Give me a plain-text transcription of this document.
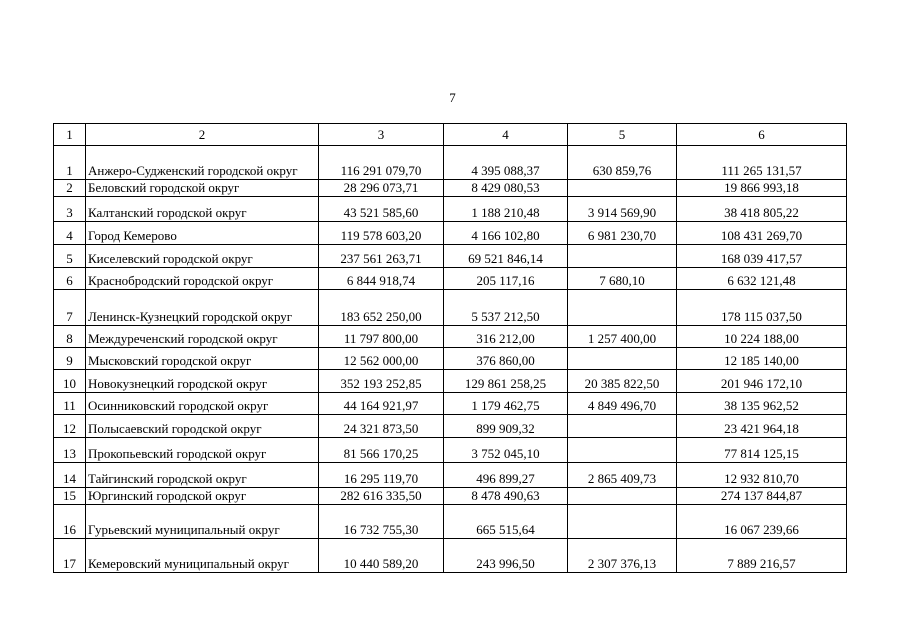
7
1	2	3	4	5	6
1	Анжеро-Судженский городской округ	116 291 079,70	4 395 088,37	630 859,76	111 265 131,57
2	Беловский городской округ	28 296 073,71	8 429 080,53		19 866 993,18
3	Калтанский городской округ	43 521 585,60	1 188 210,48	3 914 569,90	38 418 805,22
4	Город Кемерово	119 578 603,20	4 166 102,80	6 981 230,70	108 431 269,70
5	Киселевский городской округ	237 561 263,71	69 521 846,14		168 039 417,57
6	Краснобродский городской округ	6 844 918,74	205 117,16	7 680,10	6 632 121,48
7	Ленинск-Кузнецкий городской округ	183 652 250,00	5 537 212,50		178 115 037,50
8	Междуреченский городской округ	11 797 800,00	316 212,00	1 257 400,00	10 224 188,00
9	Мысковский городской округ	12 562 000,00	376 860,00		12 185 140,00
10	Новокузнецкий городской округ	352 193 252,85	129 861 258,25	20 385 822,50	201 946 172,10
11	Осинниковский городской округ	44 164 921,97	1 179 462,75	4 849 496,70	38 135 962,52
12	Полысаевский городской округ	24 321 873,50	899 909,32		23 421 964,18
13	Прокопьевский городской округ	81 566 170,25	3 752 045,10		77 814 125,15
14	Тайгинский городской округ	16 295 119,70	496 899,27	2 865 409,73	12 932 810,70
15	Юргинский городской округ	282 616 335,50	8 478 490,63		274 137 844,87
16	Гурьевский муниципальный округ	16 732 755,30	665 515,64		16 067 239,66
17	Кемеровский муниципальный округ	10 440 589,20	243 996,50	2 307 376,13	7 889 216,57
